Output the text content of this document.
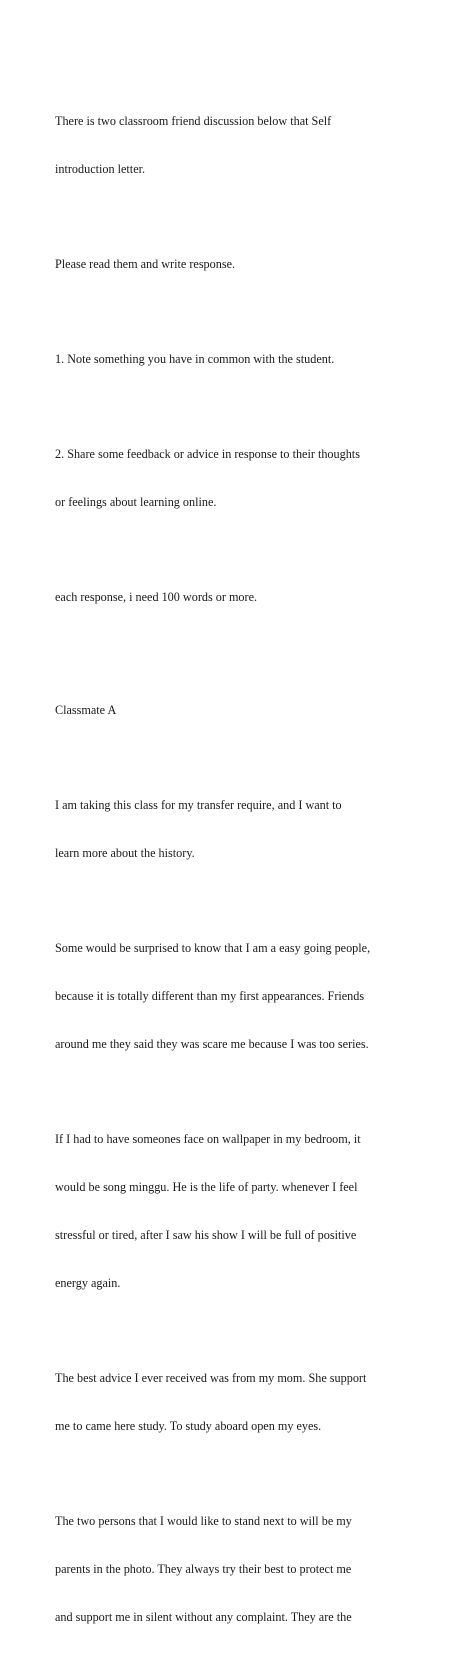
There is two classroom friend discussion below that Self

introduction letter.

Please read them and write response.

1. Note something you have in common with the student.

2. Share some feedback or advice in response to their thoughts

or feelings about learning online.

each response, i need 100 words or more.

Classmate A

I am taking this class for my transfer require, and I want to

learn more about the history.

Some would be surprised to know that I am a easy going people,

because it is totally different than my first appearances. Friends

around me they said they was scare me because I was too series.

If I had to have someones face on wallpaper in my bedroom, it

would be song minggu. He is the life of party. whenever I feel

stressful or tired, after I saw his show I will be full of positive

energy again.

The best advice I ever received was from my mom. She support

me to came here study. To study aboard open my eyes.

The two persons that I would like to stand next to will be my

parents in the photo. They always try their best to protect me

and support me in silent without any complaint. They are the
